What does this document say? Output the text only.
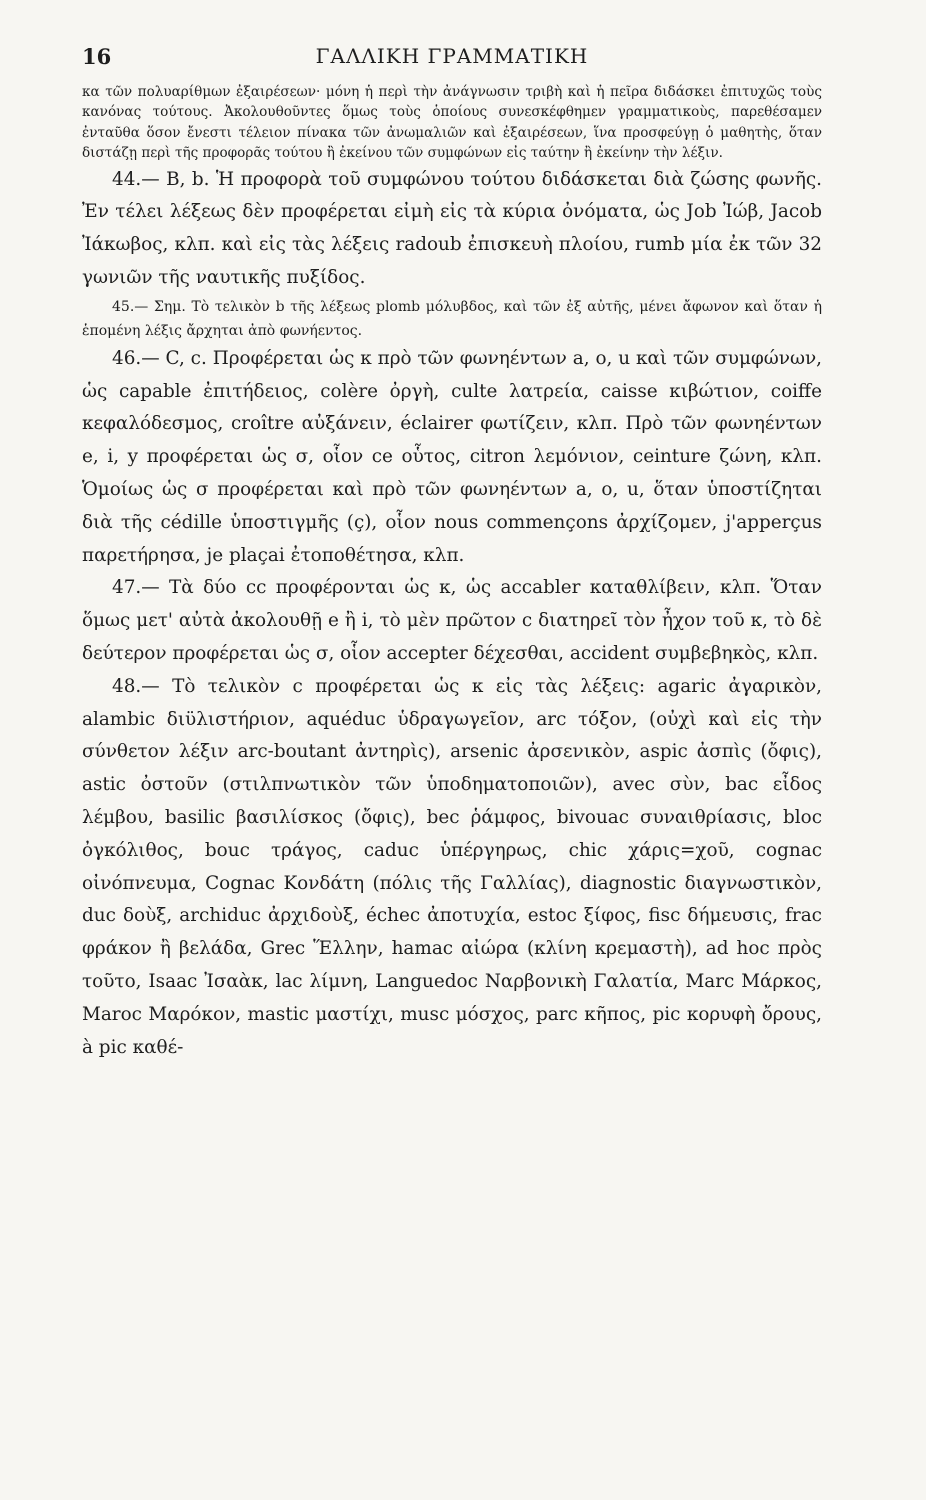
16	ΓΑΛΛΙΚΗ ΓΡΑΜΜΑΤΙΚΗ

κα τῶν πολυαρίθμων ἐξαιρέσεων· μόνη ἡ περὶ τὴν ἀνάγνωσιν τριβὴ καὶ ἡ πεῖρα διδάσκει ἐπιτυχῶς τοὺς κανόνας τούτους. Ἀκολουθοῦντες ὅμως τοὺς ὁποίους συνεσκέφθημεν γραμματικοὺς, παρεθέσαμεν ἐνταῦθα ὅσον ἔνεστι τέλειον πίνακα τῶν ἀνωμαλιῶν καὶ ἐξαιρέσεων, ἵνα προσφεύγῃ ὁ μαθητὴς, ὅταν διστάζῃ περὶ τῆς προφορᾶς τούτου ἢ ἐκείνου τῶν συμφώνων εἰς ταύτην ἢ ἐκείνην τὴν λέξιν.

44.— B, b. Ἡ προφορὰ τοῦ συμφώνου τούτου διδάσκεται διὰ ζώσης φωνῆς. Ἐν τέλει λέξεως δὲν προφέρεται εἰμὴ εἰς τὰ κύρια ὀνόματα, ὡς Job Ἰώβ, Jacob Ἰάκωβος, κλπ. καὶ εἰς τὰς λέξεις radoub ἐπισκευὴ πλοίου, rumb μία ἐκ τῶν 32 γωνιῶν τῆς ναυτικῆς πυξίδος.

45.— Σημ. Τὸ τελικὸν b τῆς λέξεως plomb μόλυβδος, καὶ τῶν ἐξ αὐτῆς, μένει ἄφωνον καὶ ὅταν ἡ ἑπομένη λέξις ἄρχηται ἀπὸ φωνήεντος.

46.— C, c. Προφέρεται ὡς κ πρὸ τῶν φωνηέντων a, o, u καὶ τῶν συμφώνων, ὡς capable ἐπιτήδειος, colère ὀργὴ, culte λατρεία, caisse κιβώτιον, coiffe κεφαλόδεσμος, croître αὐξάνειν, éclairer φωτίζειν, κλπ. Πρὸ τῶν φωνηέντων e, i, y προφέρεται ὡς σ, οἷον ce οὗτος, citron λεμόνιον, ceinture ζώνη, κλπ. Ὁμοίως ὡς σ προφέρεται καὶ πρὸ τῶν φωνηέντων a, o, u, ὅταν ὑποστίζηται διὰ τῆς cédille ὑποστιγμῆς (ç), οἷον nous commençons ἀρχίζομεν, j'apperçus παρετήρησα, je plaçai ἐτοποθέτησα, κλπ.

47.— Τὰ δύο cc προφέρονται ὡς κ, ὡς accabler καταθλίβειν, κλπ. Ὅταν ὅμως μετ' αὐτὰ ἀκολουθῇ e ἢ i, τὸ μὲν πρῶτον c διατηρεῖ τὸν ἦχον τοῦ κ, τὸ δὲ δεύτερον προφέρεται ὡς σ, οἷον accepter δέχεσθαι, accident συμβεβηκὸς, κλπ.

48.— Τὸ τελικὸν c προφέρεται ὡς κ εἰς τὰς λέξεις: agaric ἀγαρικὸν, alambic διϋλιστήριον, aquéduc ὑδραγωγεῖον, arc τόξον, (οὐχὶ καὶ εἰς τὴν σύνθετον λέξιν arc-boutant ἀντηρὶς), arsenic ἀρσενικὸν, aspic ἀσπὶς (ὄφις), astic ὀστοῦν (στιλπνωτικὸν τῶν ὑποδηματοποιῶν), avec σὺν, bac εἶδος λέμβου, basilic βασιλίσκος (ὄφις), bec ῥάμφος, bivouac συναιθρίασις, bloc ὀγκόλιθος, bouc τράγος, caduc ὑπέργηρως, chic χάρις=χοῦ, cognac οἰνόπνευμα, Cognac Κονδάτη (πόλις τῆς Γαλλίας), diagnostic διαγνωστικὸν, duc δοὺξ, archiduc ἀρχιδοὺξ, échec ἀποτυχία, estoc ξίφος, fisc δήμευσις, frac φράκον ἢ βελάδα, Grec Ἕλλην, hamac αἰώρα (κλίνη κρεμαστὴ), ad hoc πρὸς τοῦτο, Isaac Ἰσαὰκ, lac λίμνη, Languedoc Ναρβονικὴ Γαλατία, Marc Μάρκος, Maroc Μαρόκον, mastic μαστίχι, musc μόσχος, parc κῆπος, pic κορυφὴ ὄρους, à pic καθέ-
